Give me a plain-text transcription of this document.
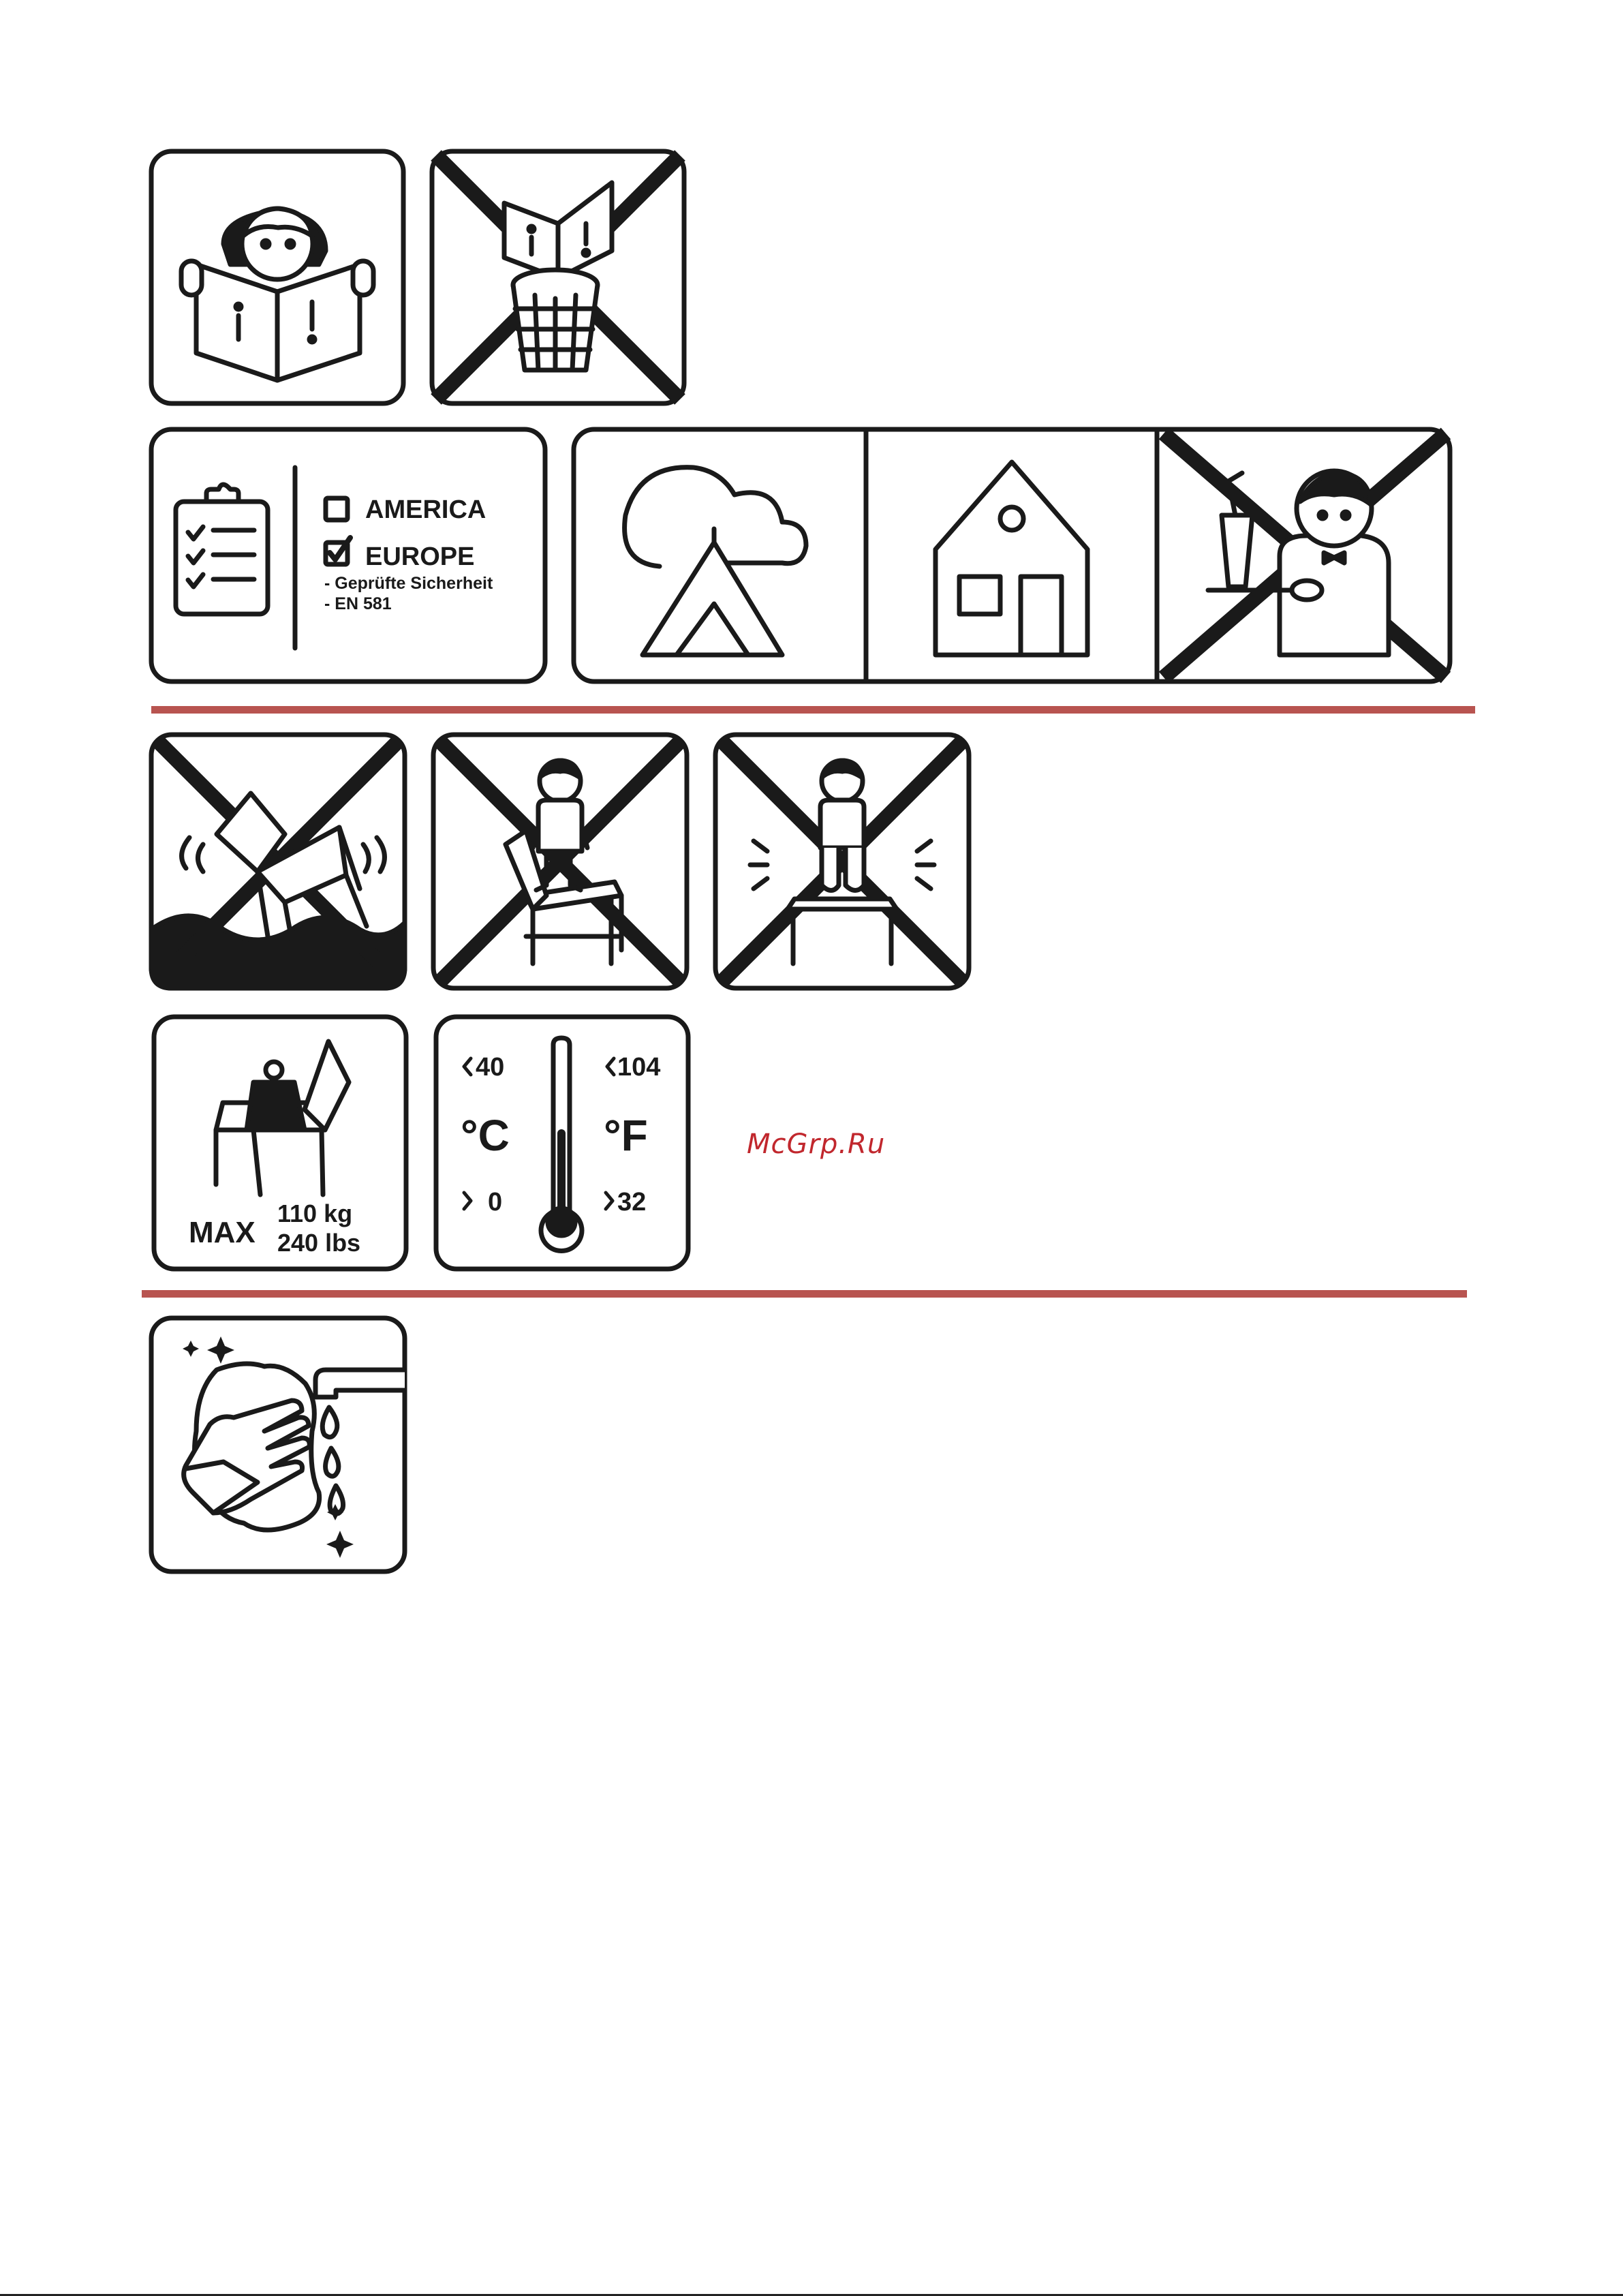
AMERICA
EUROPE
- Geprüfte Sicherheit
- EN 581
MAX
110 kg
240 lbs
40	104
°C °F
0	32
McGrp.Ru
